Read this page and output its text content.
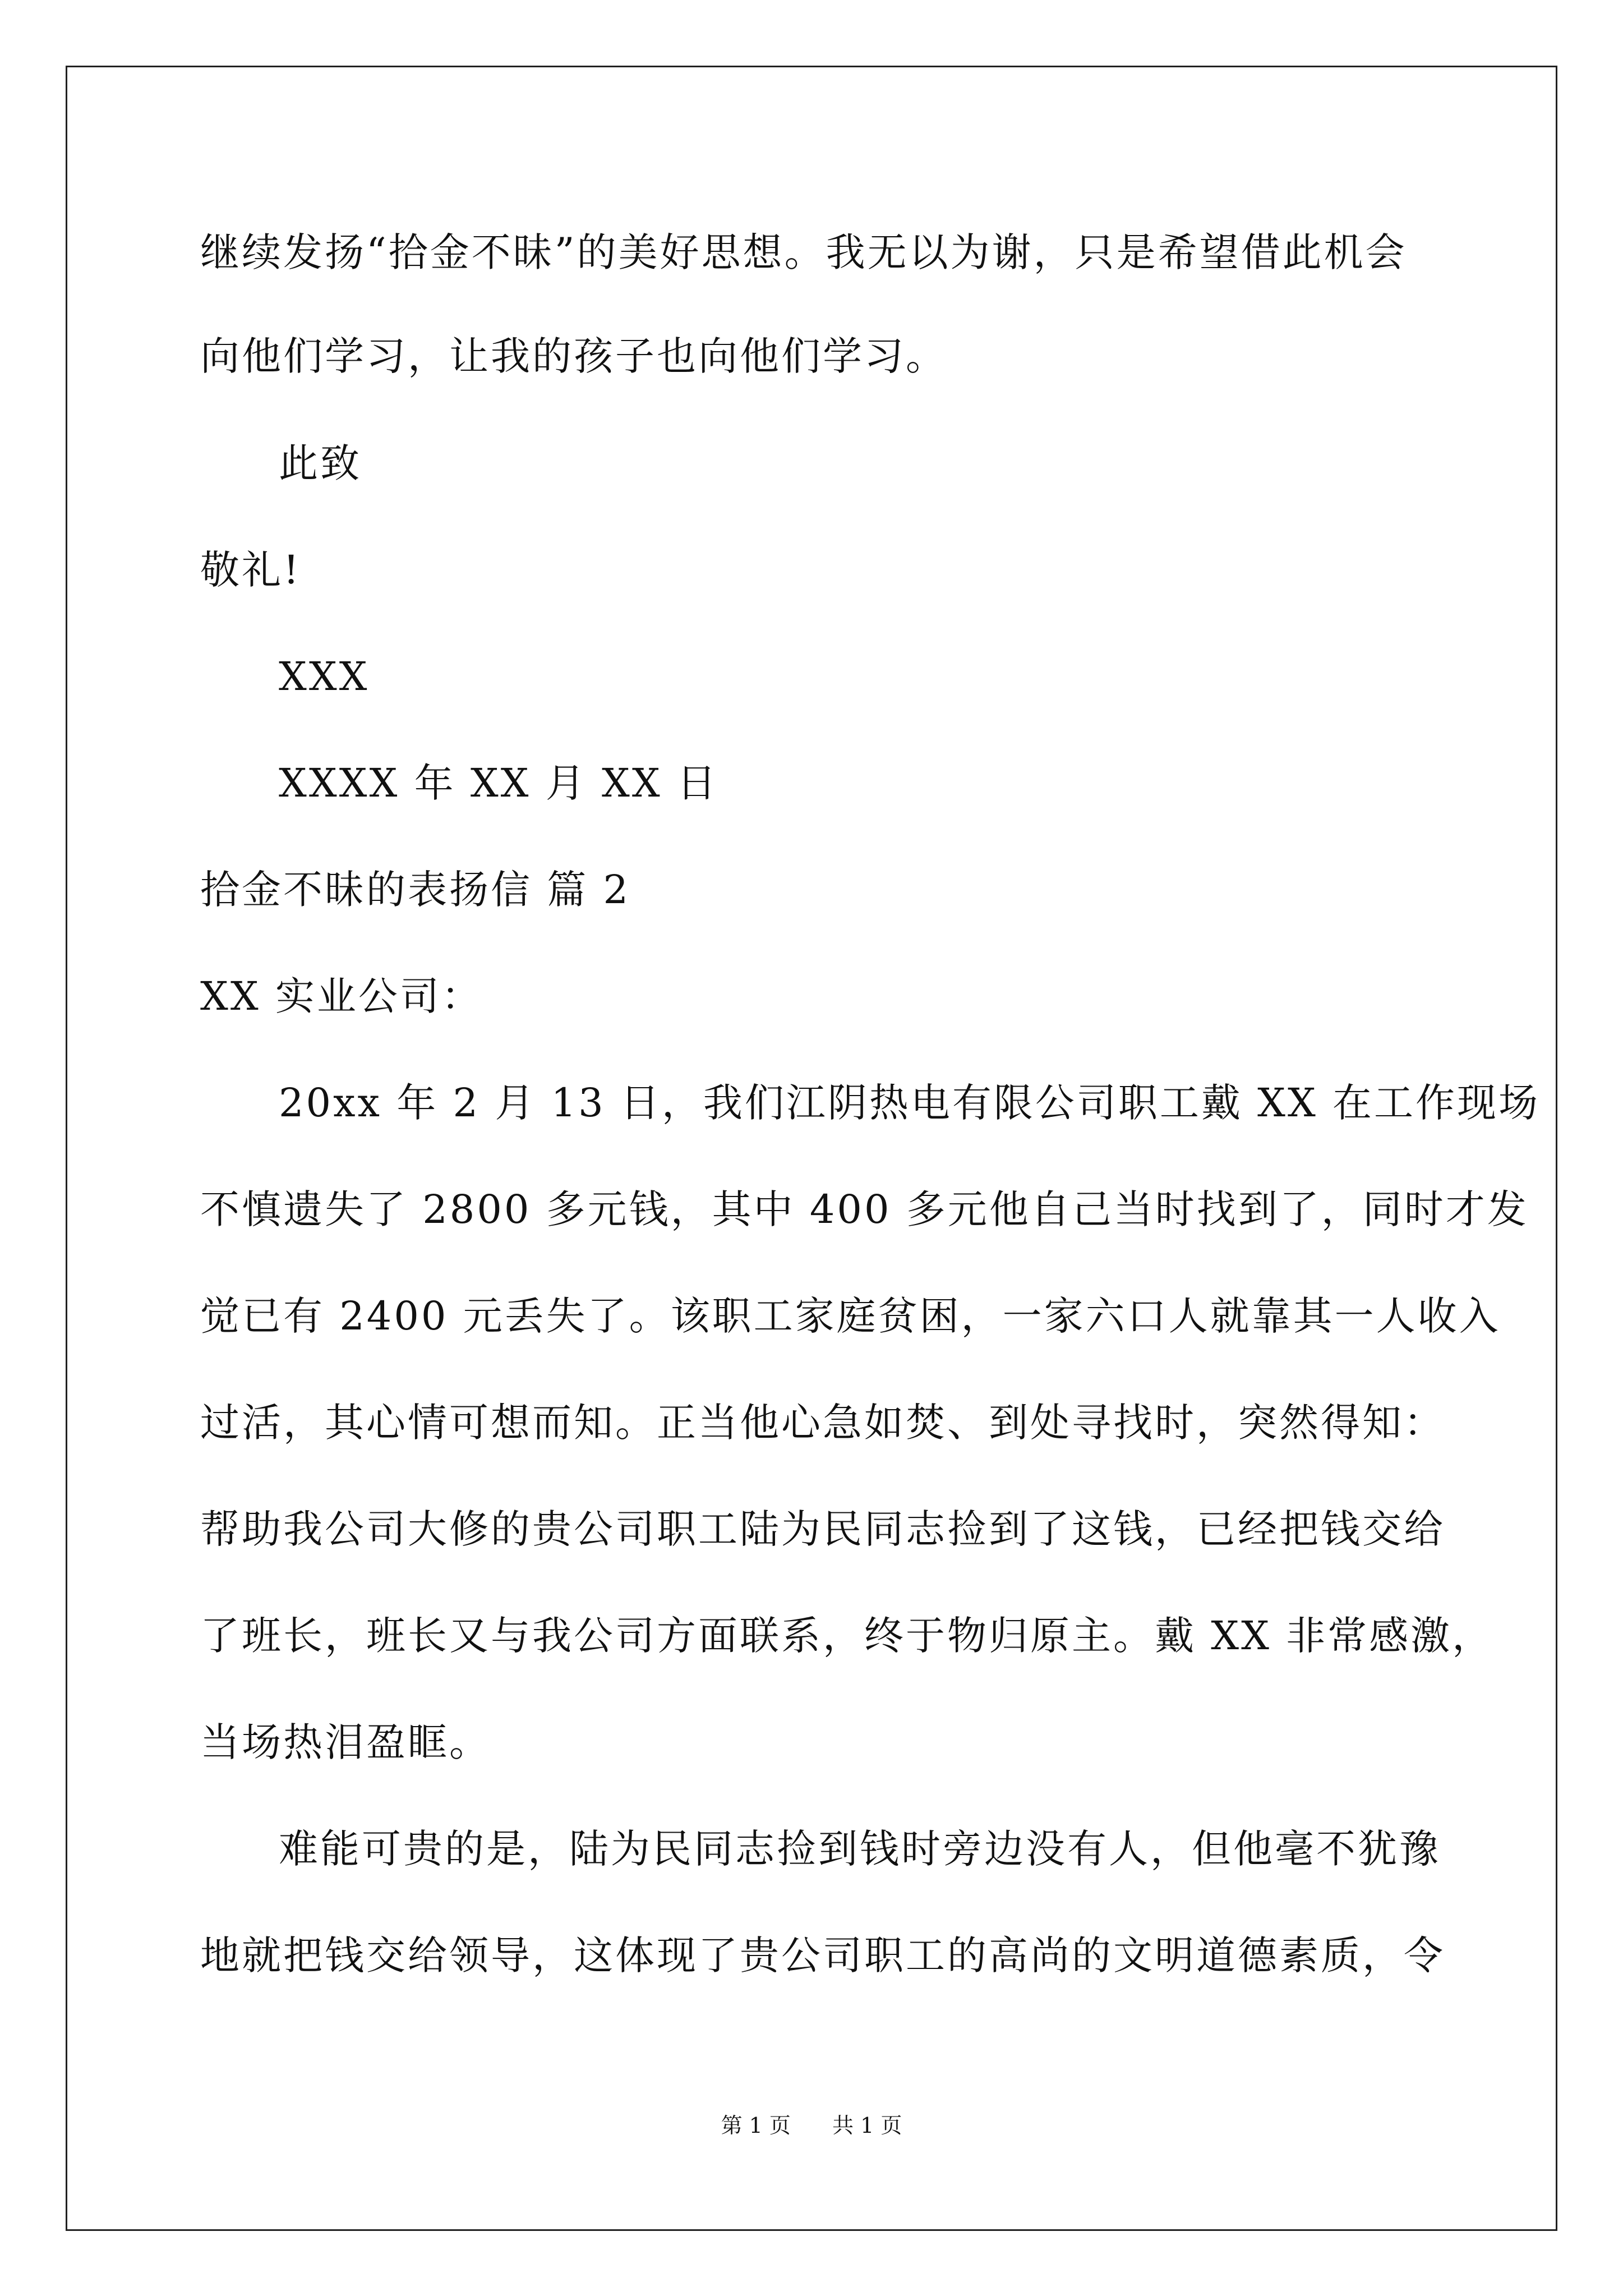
继续发扬“拾金不昧”的美好思想。我无以为谢，只是希望借此机会

向他们学习，让我的孩子也向他们学习。

此致

敬礼!

XXX

XXXX 年 XX 月 XX 日

拾金不昧的表扬信 篇 2

XX 实业公司：

20xx 年 2 月 13 日，我们江阴热电有限公司职工戴 XX 在工作现场

不慎遗失了 2800 多元钱，其中 400 多元他自己当时找到了，同时才发

觉已有 2400 元丢失了。该职工家庭贫困，一家六口人就靠其一人收入

过活，其心情可想而知。正当他心急如焚、到处寻找时，突然得知：

帮助我公司大修的贵公司职工陆为民同志捡到了这钱，已经把钱交给

了班长，班长又与我公司方面联系，终于物归原主。戴 XX 非常感激，

当场热泪盈眶。

难能可贵的是，陆为民同志捡到钱时旁边没有人，但他毫不犹豫

地就把钱交给领导，这体现了贵公司职工的高尚的文明道德素质，令

第 1 页 共 1 页
